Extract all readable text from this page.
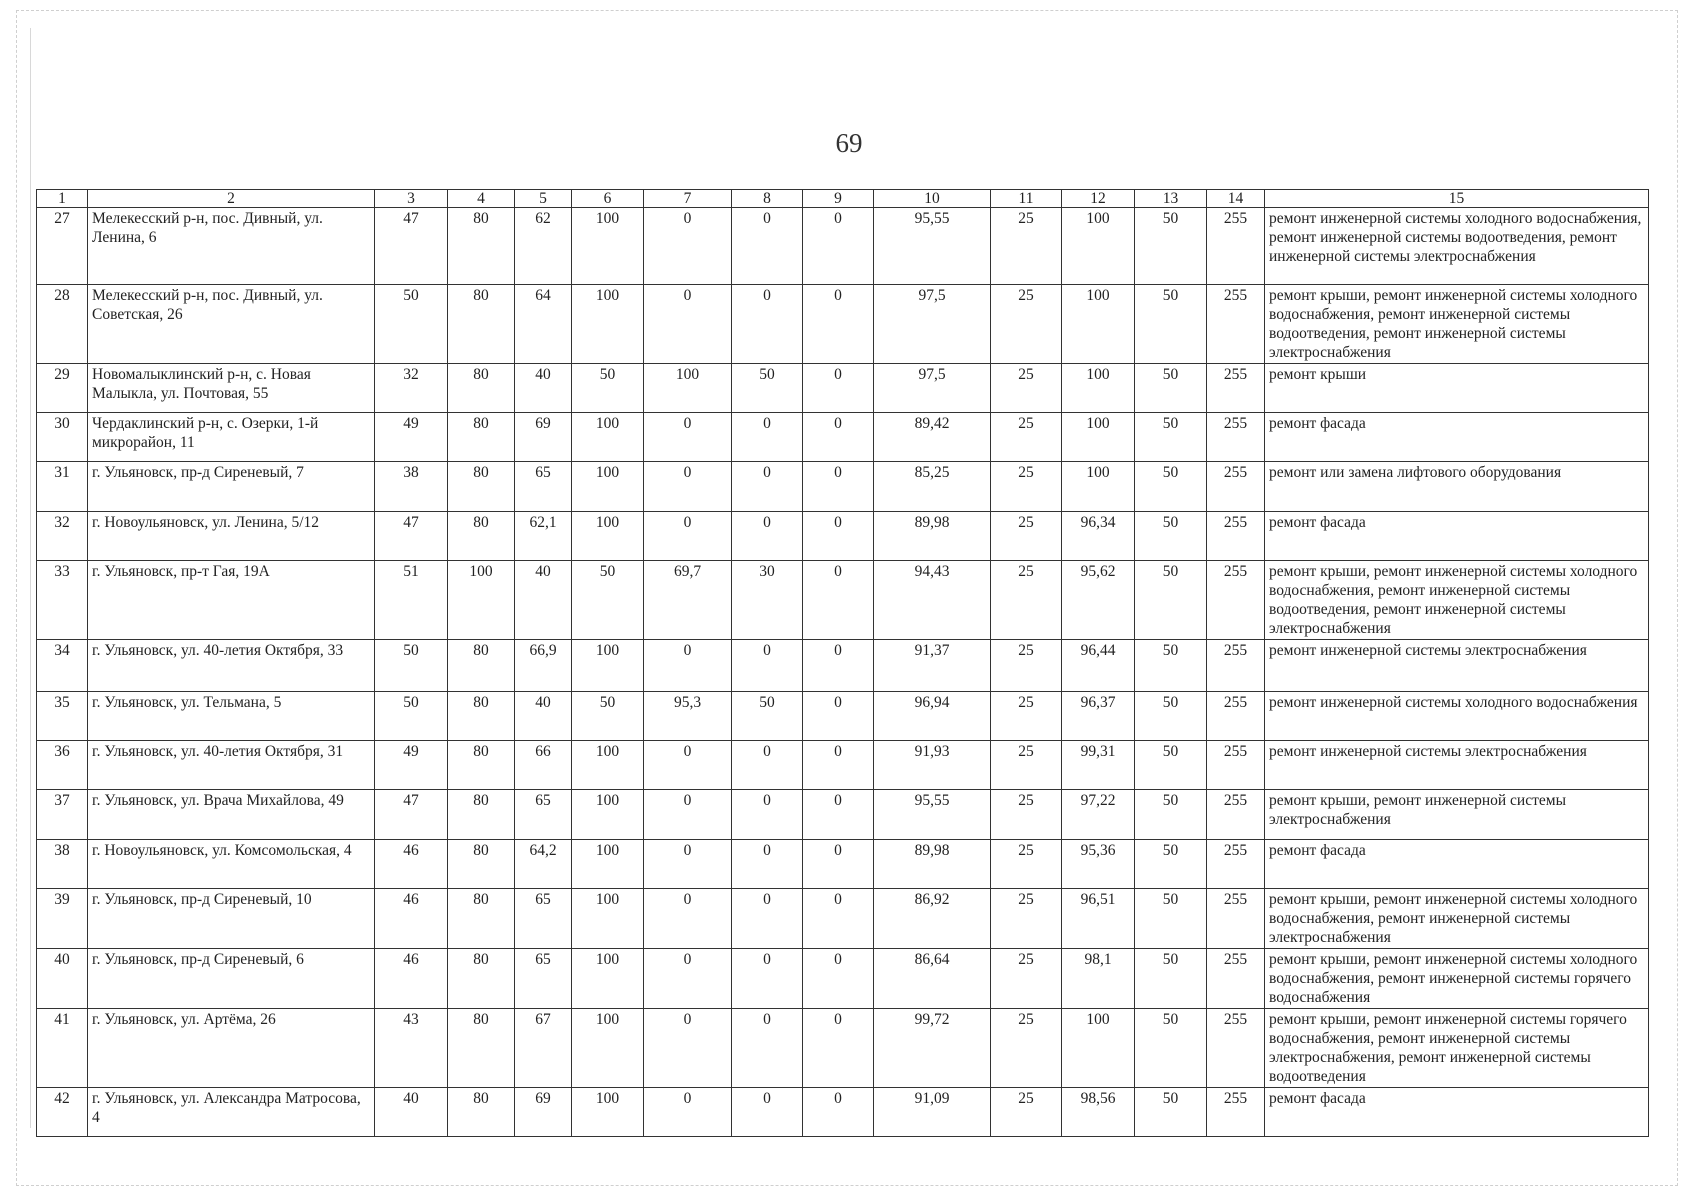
69
1	2	3	4	5	6	7	8	9	10	11	12	13	14	15
27	Мелекесский р-н, пос. Дивный, ул. Ленина, 6	47	80	62	100	0	0	0	95,55	25	100	50	255	ремонт инженерной системы холодного водоснабжения, ремонт инженерной системы водоотведения, ремонт инженерной системы электроснабжения
28	Мелекесский р-н, пос. Дивный, ул. Советская, 26	50	80	64	100	0	0	0	97,5	25	100	50	255	ремонт крыши, ремонт инженерной системы холодного водоснабжения, ремонт инженерной системы водоотведения, ремонт инженерной системы электроснабжения
29	Новомалыклинский р-н, с. Новая Малыкла, ул. Почтовая, 55	32	80	40	50	100	50	0	97,5	25	100	50	255	ремонт крыши
30	Чердаклинский р-н, с. Озерки, 1-й микрорайон, 11	49	80	69	100	0	0	0	89,42	25	100	50	255	ремонт фасада
31	г. Ульяновск, пр-д Сиреневый, 7	38	80	65	100	0	0	0	85,25	25	100	50	255	ремонт или замена лифтового оборудования
32	г. Новоульяновск, ул. Ленина, 5/12	47	80	62,1	100	0	0	0	89,98	25	96,34	50	255	ремонт фасада
33	г. Ульяновск, пр-т Гая, 19А	51	100	40	50	69,7	30	0	94,43	25	95,62	50	255	ремонт крыши, ремонт инженерной системы холодного водоснабжения, ремонт инженерной системы водоотведения, ремонт инженерной системы электроснабжения
34	г. Ульяновск, ул. 40-летия Октября, 33	50	80	66,9	100	0	0	0	91,37	25	96,44	50	255	ремонт инженерной системы электроснабжения
35	г. Ульяновск, ул. Тельмана, 5	50	80	40	50	95,3	50	0	96,94	25	96,37	50	255	ремонт инженерной системы холодного водоснабжения
36	г. Ульяновск, ул. 40-летия Октября, 31	49	80	66	100	0	0	0	91,93	25	99,31	50	255	ремонт инженерной системы электроснабжения
37	г. Ульяновск, ул. Врача Михайлова, 49	47	80	65	100	0	0	0	95,55	25	97,22	50	255	ремонт крыши, ремонт инженерной системы электроснабжения
38	г. Новоульяновск, ул. Комсомольская, 4	46	80	64,2	100	0	0	0	89,98	25	95,36	50	255	ремонт фасада
39	г. Ульяновск, пр-д Сиреневый, 10	46	80	65	100	0	0	0	86,92	25	96,51	50	255	ремонт крыши, ремонт инженерной системы холодного водоснабжения, ремонт инженерной системы электроснабжения
40	г. Ульяновск, пр-д Сиреневый, 6	46	80	65	100	0	0	0	86,64	25	98,1	50	255	ремонт крыши, ремонт инженерной системы холодного водоснабжения, ремонт инженерной системы горячего водоснабжения
41	г. Ульяновск, ул. Артёма, 26	43	80	67	100	0	0	0	99,72	25	100	50	255	ремонт крыши, ремонт инженерной системы горячего водоснабжения, ремонт инженерной системы электроснабжения, ремонт инженерной системы водоотведения
42	г. Ульяновск, ул. Александра Матросова, 4	40	80	69	100	0	0	0	91,09	25	98,56	50	255	ремонт фасада
